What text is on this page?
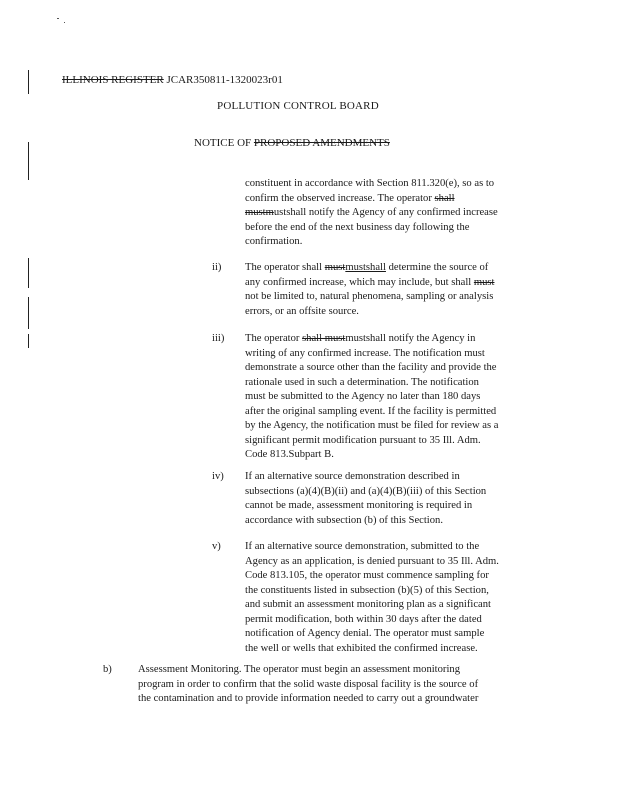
ILLINOIS REGISTER JCAR350811-1320023r01
POLLUTION CONTROL BOARD
NOTICE OF PROPOSED AMENDMENTS
constituent in accordance with Section 811.320(e), so as to
confirm the observed increase. The operator shall
mustmustshall notify the Agency of any confirmed increase
before the end of the next business day following the
confirmation.
ii) The operator shall mustmustshall determine the source of
any confirmed increase, which may include, but shall must
not be limited to, natural phenomena, sampling or analysis
errors, or an offsite source.
iii) The operator shall mustmustshall notify the Agency in
writing of any confirmed increase. The notification must
demonstrate a source other than the facility and provide the
rationale used in such a determination. The notification
must be submitted to the Agency no later than 180 days
after the original sampling event. If the facility is permitted
by the Agency, the notification must be filed for review as a
significant permit modification pursuant to 35 Ill. Adm.
Code 813.Subpart B.
iv) If an alternative source demonstration described in
subsections (a)(4)(B)(ii) and (a)(4)(B)(iii) of this Section
cannot be made, assessment monitoring is required in
accordance with subsection (b) of this Section.
v) If an alternative source demonstration, submitted to the
Agency as an application, is denied pursuant to 35 Ill. Adm.
Code 813.105, the operator must commence sampling for
the constituents listed in subsection (b)(5) of this Section,
and submit an assessment monitoring plan as a significant
permit modification, both within 30 days after the dated
notification of Agency denial. The operator must sample
the well or wells that exhibited the confirmed increase.
b) Assessment Monitoring. The operator must begin an assessment monitoring
program in order to confirm that the solid waste disposal facility is the source of
the contamination and to provide information needed to carry out a groundwater
